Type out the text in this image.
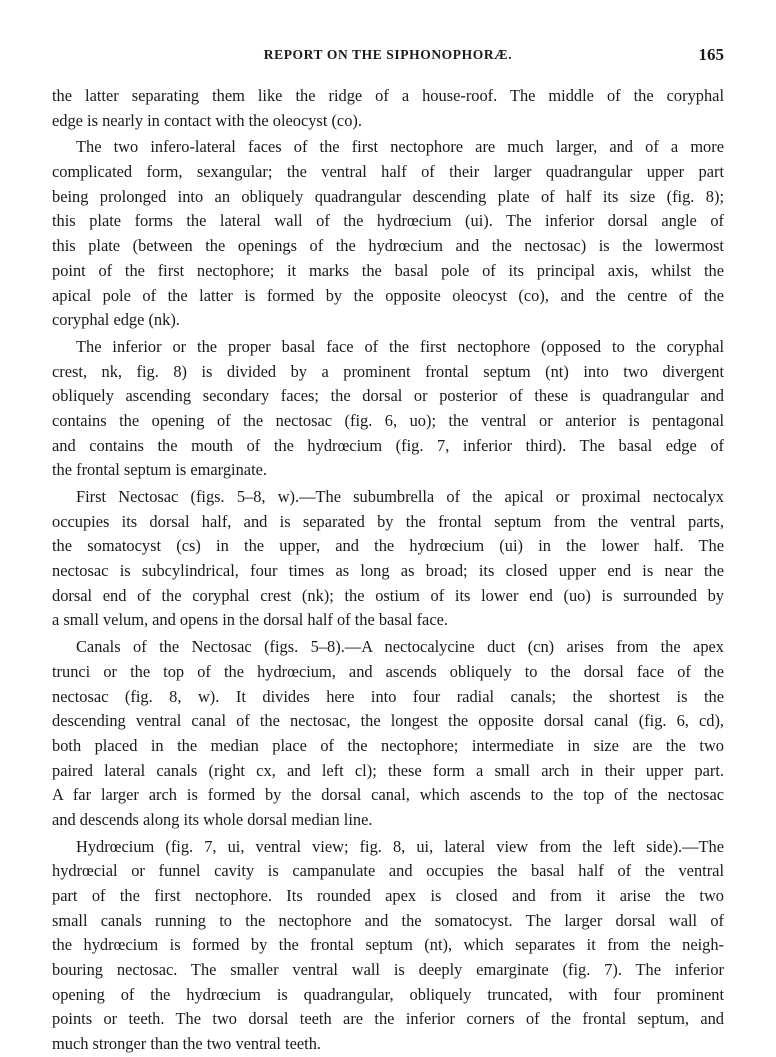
REPORT ON THE SIPHONOPHORÆ.	165
the latter separating them like the ridge of a house-roof. The middle of the coryphal
edge is nearly in contact with the oleocyst (co).
The two infero-lateral faces of the first nectophore are much larger, and of a more
complicated form, sexangular; the ventral half of their larger quadrangular upper part
being prolonged into an obliquely quadrangular descending plate of half its size (fig. 8);
this plate forms the lateral wall of the hydrœcium (ui). The inferior dorsal angle of
this plate (between the openings of the hydrœcium and the nectosac) is the lowermost
point of the first nectophore; it marks the basal pole of its principal axis, whilst the
apical pole of the latter is formed by the opposite oleocyst (co), and the centre of the
coryphal edge (nk).
The inferior or the proper basal face of the first nectophore (opposed to the coryphal
crest, nk, fig. 8) is divided by a prominent frontal septum (nt) into two divergent
obliquely ascending secondary faces; the dorsal or posterior of these is quadrangular and
contains the opening of the nectosac (fig. 6, uo); the ventral or anterior is pentagonal
and contains the mouth of the hydrœcium (fig. 7, inferior third). The basal edge of
the frontal septum is emarginate.
First Nectosac (figs. 5–8, w).—The subumbrella of the apical or proximal nectocalyx
occupies its dorsal half, and is separated by the frontal septum from the ventral parts,
the somatocyst (cs) in the upper, and the hydrœcium (ui) in the lower half. The
nectosac is subcylindrical, four times as long as broad; its closed upper end is near the
dorsal end of the coryphal crest (nk); the ostium of its lower end (uo) is surrounded by
a small velum, and opens in the dorsal half of the basal face.
Canals of the Nectosac (figs. 5–8).—A nectocalycine duct (cn) arises from the apex
trunci or the top of the hydrœcium, and ascends obliquely to the dorsal face of the
nectosac (fig. 8, w). It divides here into four radial canals; the shortest is the
descending ventral canal of the nectosac, the longest the opposite dorsal canal (fig. 6, cd),
both placed in the median place of the nectophore; intermediate in size are the two
paired lateral canals (right cx, and left cl); these form a small arch in their upper part.
A far larger arch is formed by the dorsal canal, which ascends to the top of the nectosac
and descends along its whole dorsal median line.
Hydrœcium (fig. 7, ui, ventral view; fig. 8, ui, lateral view from the left side).—The
hydrœcial or funnel cavity is campanulate and occupies the basal half of the ventral
part of the first nectophore. Its rounded apex is closed and from it arise the two
small canals running to the nectophore and the somatocyst. The larger dorsal wall of
the hydrœcium is formed by the frontal septum (nt), which separates it from the neigh-
bouring nectosac. The smaller ventral wall is deeply emarginate (fig. 7). The inferior
opening of the hydrœcium is quadrangular, obliquely truncated, with four prominent
points or teeth. The two dorsal teeth are the inferior corners of the frontal septum, and
much stronger than the two ventral teeth.
